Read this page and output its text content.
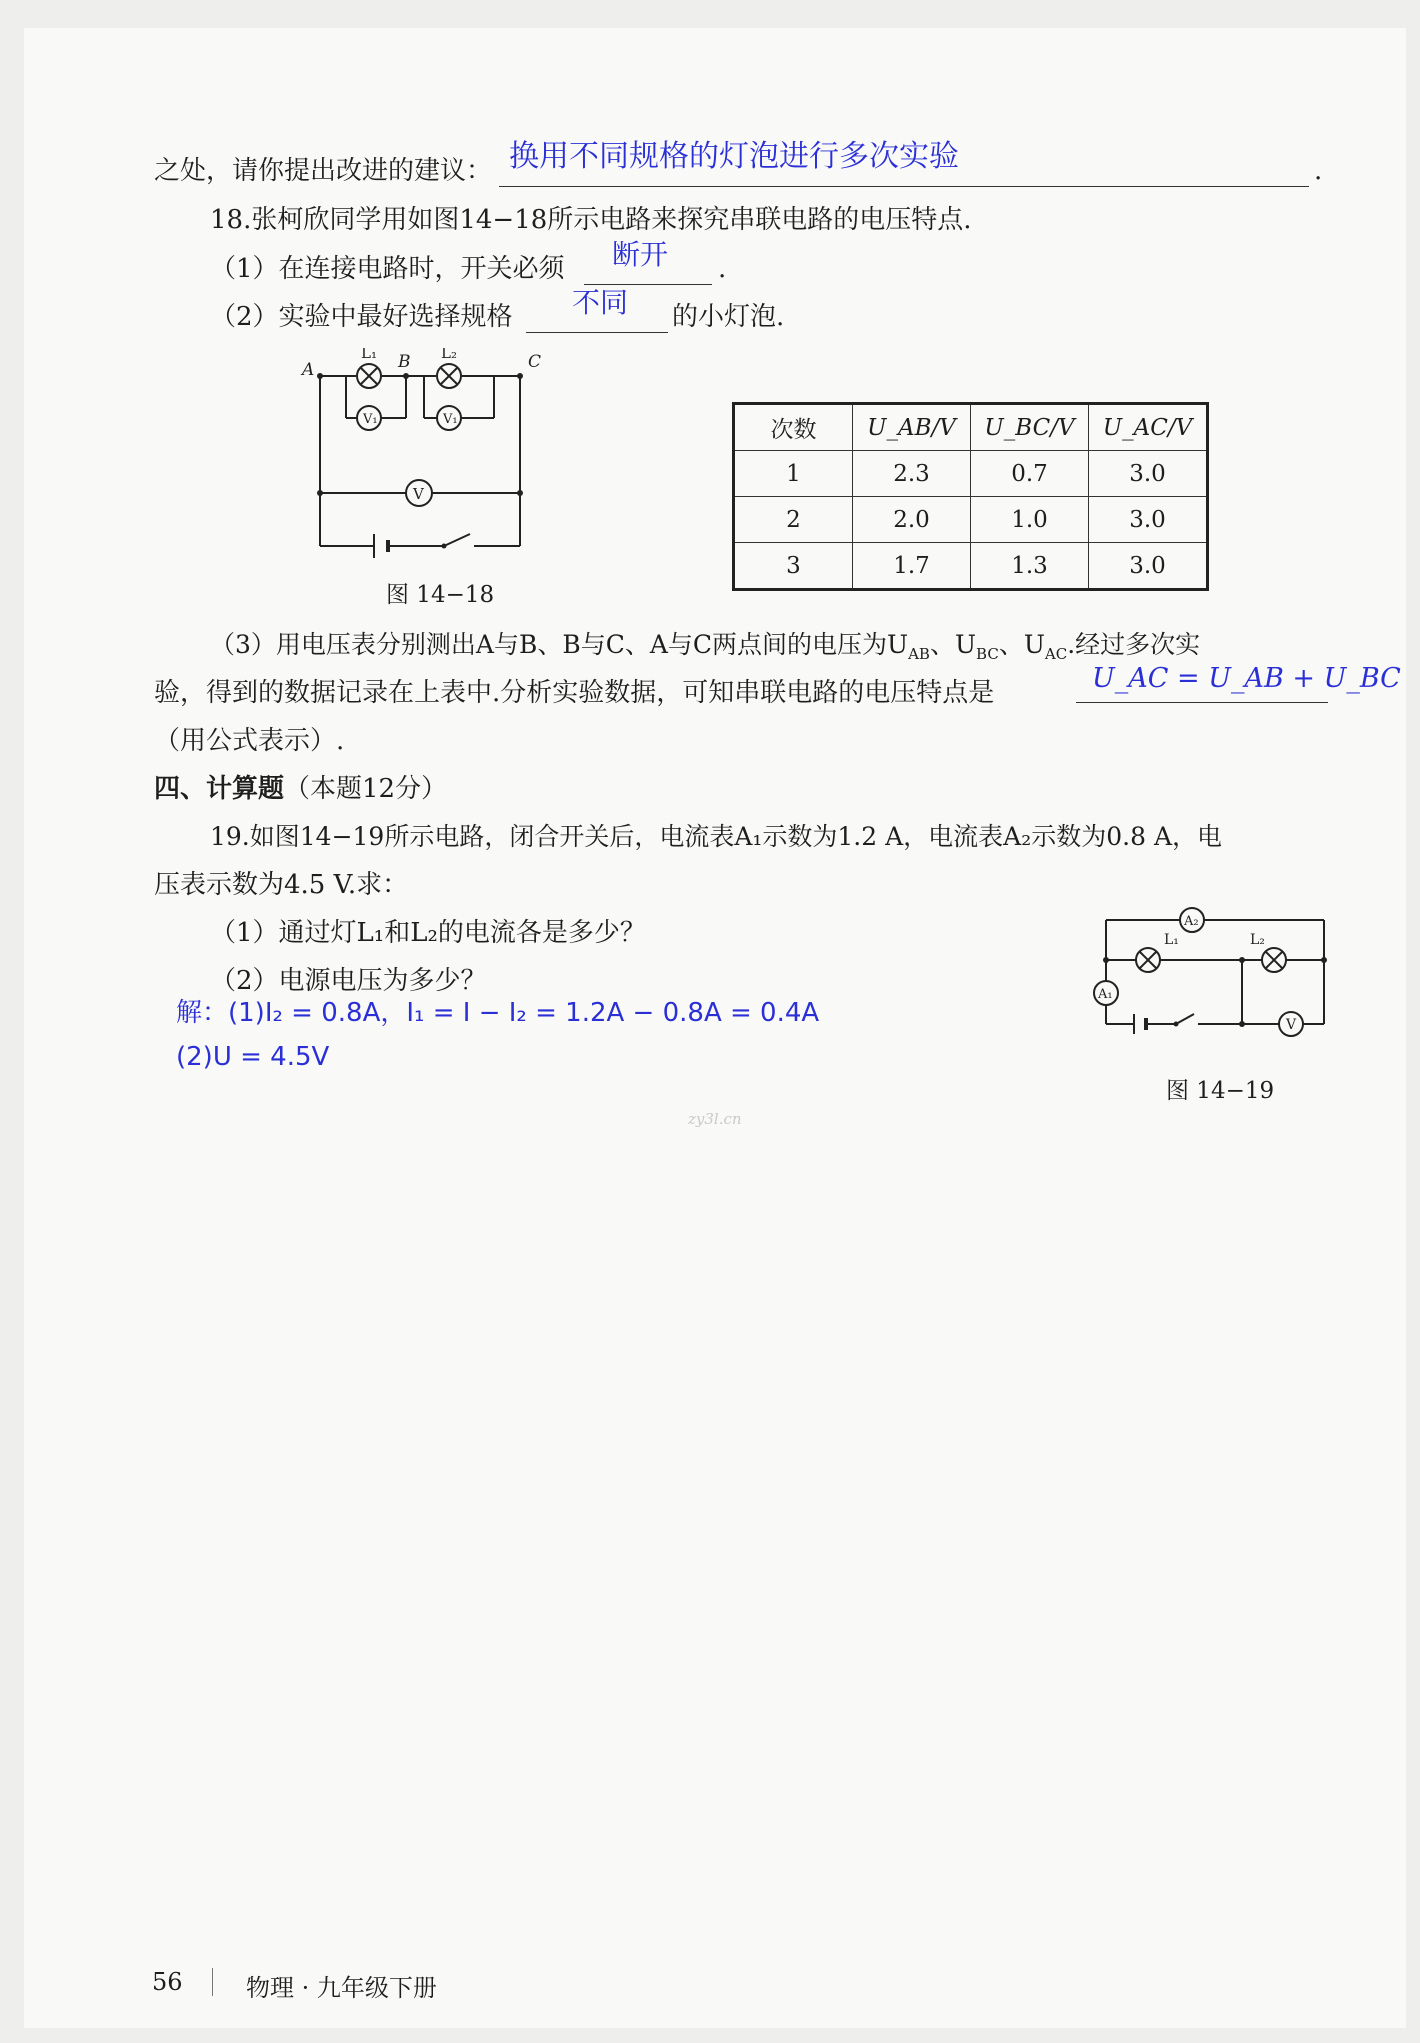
之处，请你提出改进的建议： 换用不同规格的灯泡进行多次实验	.
18.张柯欣同学用如图14−18所示电路来探究串联电路的电压特点.
（1）在连接电路时，开关必须 断开 .
（2）实验中最好选择规格 不同 的小灯泡.
V₁	V₁
V
A	B	C
L₁	L₂
图 14−18
次数	U_AB/V	U_BC/V	U_AC/V
1	2.3	0.7	3.0
2	2.0	1.0	3.0
3	1.7	1.3	3.0
（3）用电压表分别测出A与B、B与C、A与C两点间的电压为$U_{AB}$、$U_{BC}$、$U_{AC}$.经过多次实
验，得到的数据记录在上表中.分析实验数据，可知串联电路的电压特点是	U_AC = U_AB + U_BC
（用公式表示）.
四、计算题（本题12分）
19.如图14−19所示电路，闭合开关后，电流表A₁示数为1.2 A，电流表A₂示数为0.8 A，电
压表示数为4.5 V.求：
（1）通过灯L₁和L₂的电流各是多少？
（2）电源电压为多少？
解：(1)I₂ = 0.8A，I₁ = I − I₂ = 1.2A − 0.8A = 0.4A
(2)U = 4.5V
A₂
A₁
V
L₁	L₂
图 14−19
zy3l.cn
56	物理 · 九年级下册
